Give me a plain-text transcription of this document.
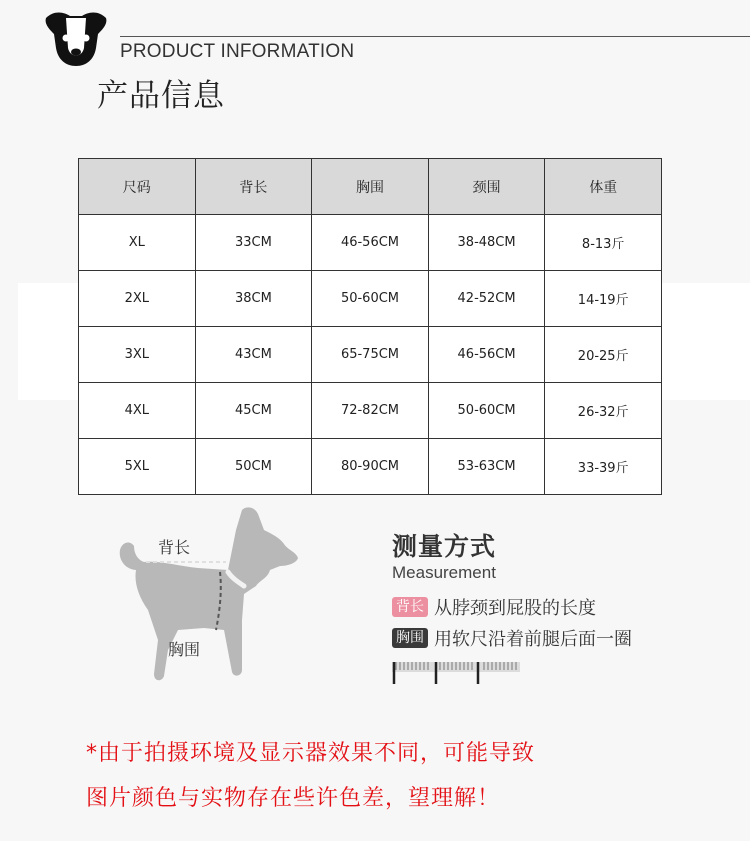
PRODUCT INFORMATION
产品信息
尺码	背长	胸围	颈围	体重
XL	33CM	46-56CM	38-48CM	8-13斤
2XL	38CM	50-60CM	42-52CM	14-19斤
3XL	43CM	65-75CM	46-56CM	20-25斤
4XL	45CM	72-82CM	50-60CM	26-32斤
5XL	50CM	80-90CM	53-63CM	33-39斤
背长
胸围
测量方式
Measurement
背长 从脖颈到屁股的长度
胸围 用软尺沿着前腿后面一圈
*由于拍摄环境及显示器效果不同，可能导致
图片颜色与实物存在些许色差，望理解！
